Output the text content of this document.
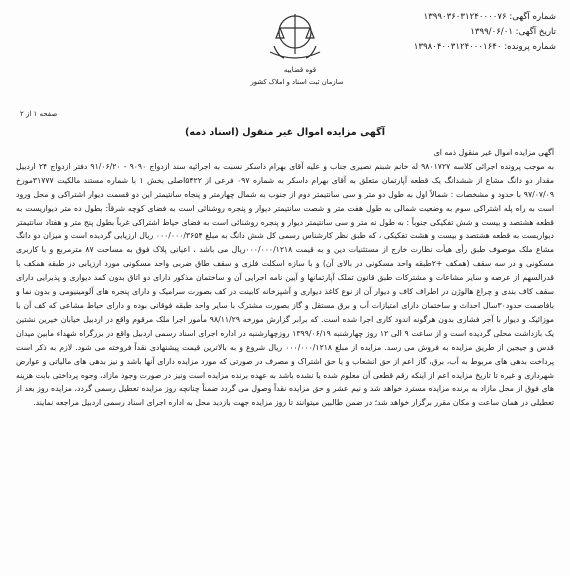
شماره آگهی: ۱۳۹۹۰۳۶۰۳۱۲۴۰۰۰۰۷۶
تاریخ آگهی: ۱۳۹۹/۰۶/۰۱
شماره پرونده: ۱۳۹۸۰۴۰۰۳۱۲۴۰۰۰۱۶۴۰
قوه قضاییه
سازمان ثبت اسناد و املاک کشور
صفحه ۱ از ۲
آگهی مزایده اموال غیر منقول (اسناد ذمه)

آگهی مزایده اموال غیر منقول ذمه ای

به موجب پرونده اجرائی کلاسه ۹۸۰۱۷۲۷ له خانم شبنم نصیری جناب و علیه آقای بهرام داسکر نسبت به اجرائیه سند ازدواج ۹۰۹۰ - ۹۱/۰۶/۲۰ دفتر ازدواج ۲۴ اردبیل مقدار دو دانگ مشاع از ششدانگ یک قطعه آپارتمان متعلق به آقای بهرام داسکر به شماره ۰۹۷ فرعی از ۵۴۲۲اصلی بخش ۱ با شماره مستند مالکیت ۳۱۷۷۷مورخ ۹۷/۰۷/۰۹ با حدود و مشخصات : شمالاً اول به طول دو متر و سی سانتیمتر دوم از جنوب به شمال چهارمتر و پنجاه سانتیمتر این دو قسمت دیوار اشتراکی و محل ورود است به راه پله اشتراکی سوم به وضعیت شمالی به طول هفت متر و شصت سانتیمتر دیوار و پنجره روشنائی است به فضای کوچه شرقاً: بطول ده متر دیواریست به قطعه هشتصد و بیست و شش تفکیکی جنوباً : به طول نه متر و سی سانتیمتر دیوار و پنجره روشنائی است به فضای حیاط اشتراکی غرباً بطول پنج متر و هفتاد سانتیمتر دیواریست به قطعه هشتصد و بیست و هشت تفکیکی ، که طبق نظر کارشناس رسمی کل شش دانگ به مبلغ ۰۰۰/۰۰۰/۳۶۵۴ ریال ارزیابی گردیده است و میزان دو دانگ مشاع ملک موصوف طبق رأی هیأت نظارت خارج از مستثنیات دین و به قیمت ۰۰۰/۰۰۰/۱۲۱۸ریال می باشد ، اعیانی پلاک فوق به مساحت ۸۷ مترمربع و با کاربری مسکونی و در سه سقف (همکف +۲طبقه واحد مسکونی در بالای آن) و با سازه اسکلت فلزی و سقف طاق ضربی واحد مسکونی مورد ارزیابی در طبقه همکف با قدرالسهم از عرصه و سایر مشاعات و مشترکات طبق قانون تملک آپارتمانها و آیین نامه اجرایی آن و ساختمان مذکور دارای دو اتاق بدون کمد دیواری و پذیرایی دارای سقف کاف بندی و چراغ هالوژن در اطراف کاف و دیوار آن از نوع کاغذ دیواری و آشپزخانه کابینت در کف بصورت سرامیک و دارای پنجره های آلومینیومی و بدون نما و بافاصمت حدود۳۰سال احداث و ساختمان دارای امتیازات آب و برق مستقل و گاز بصورت مشترک با سایر واحد طبقه فوقانی بوده و دارای حیاط مشاعی که کف آن با موزائیک و دیوار با آجر فشاری بدون هرگونه اندود کاری اجرا شده است. که برابر گزارش مورخه ۹۸/۱۱/۲۹ مأمور اجرا ملک مرقوم واقع در اردبیل خیابان خیرین نشتین یک بازداشت محلی گردیده است و از ساعت ۹ الی ۱۲ روز چهارشنبه ۱۳۹۹/۰۶/۱۹ روزچهارشنبه در اداره اجرای اسناد رسمی اردبیل واقع در بزرگراه شهداء مابین میدان قدس و جیجین از طریق مزایده به فروش می رسد. مزایده از مبلغ ۰۰۰/۰۰۰/۱۲۱۸ ریال شروع و به بالاترین قیمت پیشنهادی نقداً فروخته می شود. لازم به ذکر است پرداخت بدهی های مربوط به آب، برق، گاز اعم از حق انشعاب و یا حق اشتراک و مصرف در صورتی که مورد مزایده دارای آنها باشد و نیز بدهی های مالیاتی و عوارض شهرداری و غیره تا تاریخ مزایده اعم از اینکه رقم قطعی آن معلوم شده یا نشده باشد به عهده برنده مزایده است ونیز در صورت وجود مازاد، وجوه پرداختی بابت هزینه های فوق از محل مازاد به برنده مزایده مسترد خواهد شد و نیم عشر و حق مزایده نقداً وصول می گردد ضمناً چنانچه روز مزایده تعطیل رسمی گردد، مزایده روز بعد از تعطیلی در همان ساعت و مکان مقرر برگزار خواهد شد؛ در ضمن طالبین میتوانند تا روز مزایده جهت بازدید محل به اداره اجرای اسناد رسمی اردبیل مراجعه نمایند.
